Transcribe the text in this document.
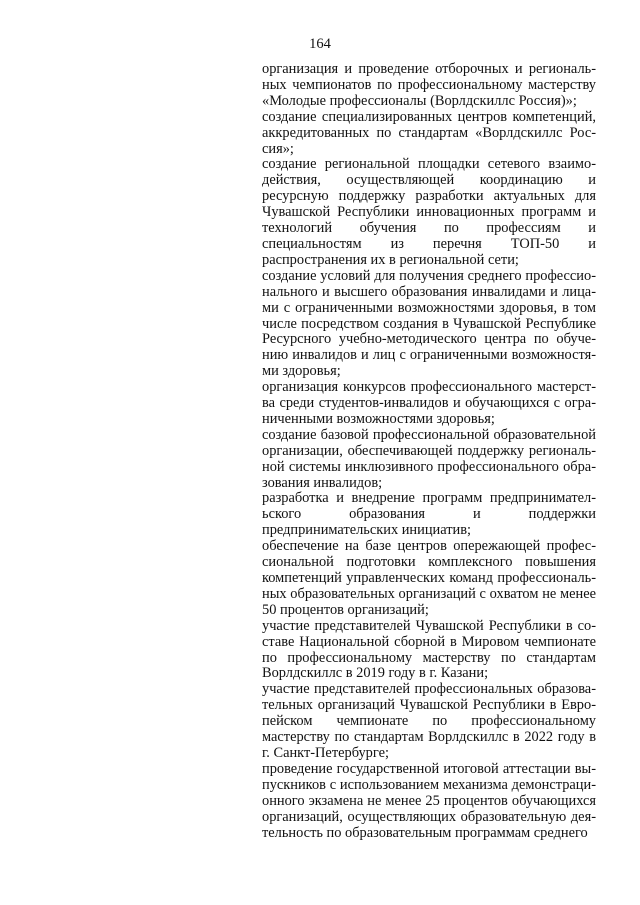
164

организация и проведение отборочных и региональных чемпионатов по профессиональному мастерству «Молодые профессионалы (Ворлдскиллс Россия)»;

создание специализированных центров компетенций, аккредитованных по стандартам «Ворлдскиллс Россия»;

создание региональной площадки сетевого взаимодействия, осуществляющей координацию и ресурсную поддержку разработки актуальных для Чувашской Республики инновационных программ и технологий обучения по профессиям и специальностям из перечня ТОП-50 и распространения их в региональной сети;

создание условий для получения среднего профессионального и высшего образования инвалидами и лицами с ограниченными возможностями здоровья, в том числе посредством создания в Чувашской Республике Ресурсного учебно-методического центра по обучению инвалидов и лиц с ограниченными возможностями здоровья;

организация конкурсов профессионального мастерства среди студентов-инвалидов и обучающихся с ограниченными возможностями здоровья;

создание базовой профессиональной образовательной организации, обеспечивающей поддержку региональной системы инклюзивного профессионального образования инвалидов;

разработка и внедрение программ предпринимательского образования и поддержки предпринимательских инициатив;

обеспечение на базе центров опережающей профессиональной подготовки комплексного повышения компетенций управленческих команд профессиональных образовательных организаций с охватом не менее 50 процентов организаций;

участие представителей Чувашской Республики в составе Национальной сборной в Мировом чемпионате по профессиональному мастерству по стандартам Ворлдскиллс в 2019 году в г. Казани;

участие представителей профессиональных образовательных организаций Чувашской Республики в Европейском чемпионате по профессиональному мастерству по стандартам Ворлдскиллс в 2022 году в г. Санкт-Петербурге;

проведение государственной итоговой аттестации выпускников с использованием механизма демонстрационного экзамена не менее 25 процентов обучающихся организаций, осуществляющих образовательную деятельность по образовательным программам среднего
